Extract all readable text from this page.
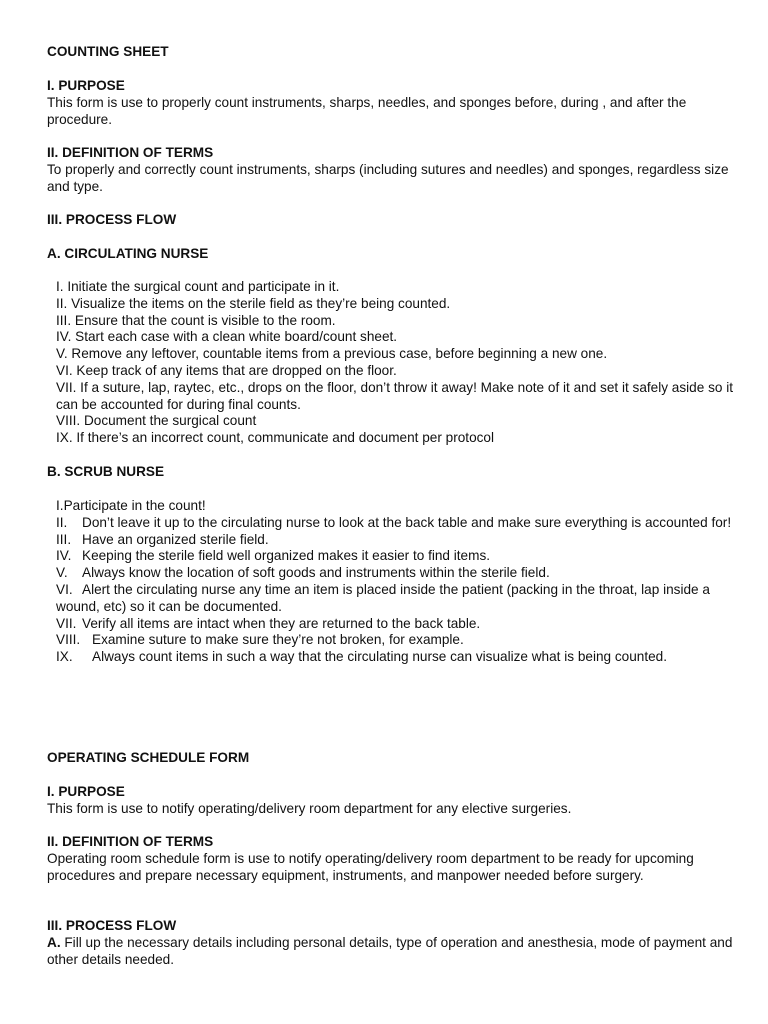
COUNTING SHEET
I. PURPOSE
This form is use to properly count instruments, sharps, needles, and sponges before, during , and after the procedure.
II. DEFINITION OF TERMS
To properly and correctly count instruments, sharps (including sutures and needles) and sponges, regardless size and type.
III. PROCESS FLOW
A. CIRCULATING NURSE
I. Initiate the surgical count and participate in it.
II. Visualize the items on the sterile field as they’re being counted.
III. Ensure that the count is visible to the room.
IV. Start each case with a clean white board/count sheet.
V. Remove any leftover, countable items from a previous case, before beginning a new one.
VI. Keep track of any items that are dropped on the floor.
VII. If a suture, lap, raytec, etc., drops on the floor, don’t throw it away! Make note of it and set it safely aside so it can be accounted for during final counts.
VIII. Document the surgical count
IX. If there’s an incorrect count, communicate and document per protocol
B. SCRUB NURSE
I.Participate in the count!
II. Don’t leave it up to the circulating nurse to look at the back table and make sure everything is accounted for!
III. Have an organized sterile field.
IV. Keeping the sterile field well organized makes it easier to find items.
V. Always know the location of soft goods and instruments within the sterile field.
VI. Alert the circulating nurse any time an item is placed inside the patient (packing in the throat, lap inside a wound, etc) so it can be documented.
VII. Verify all items are intact when they are returned to the back table.
VIII. Examine suture to make sure they’re not broken, for example.
IX. Always count items in such a way that the circulating nurse can visualize what is being counted.
OPERATING SCHEDULE FORM
I. PURPOSE
This form is use to notify operating/delivery room department for any elective surgeries.
II. DEFINITION OF TERMS
Operating room schedule form is use to notify operating/delivery room department to be ready for upcoming procedures and prepare necessary equipment, instruments, and manpower needed before surgery.
III. PROCESS FLOW
A. Fill up the necessary details including personal details, type of operation and anesthesia, mode of payment and other details needed.
